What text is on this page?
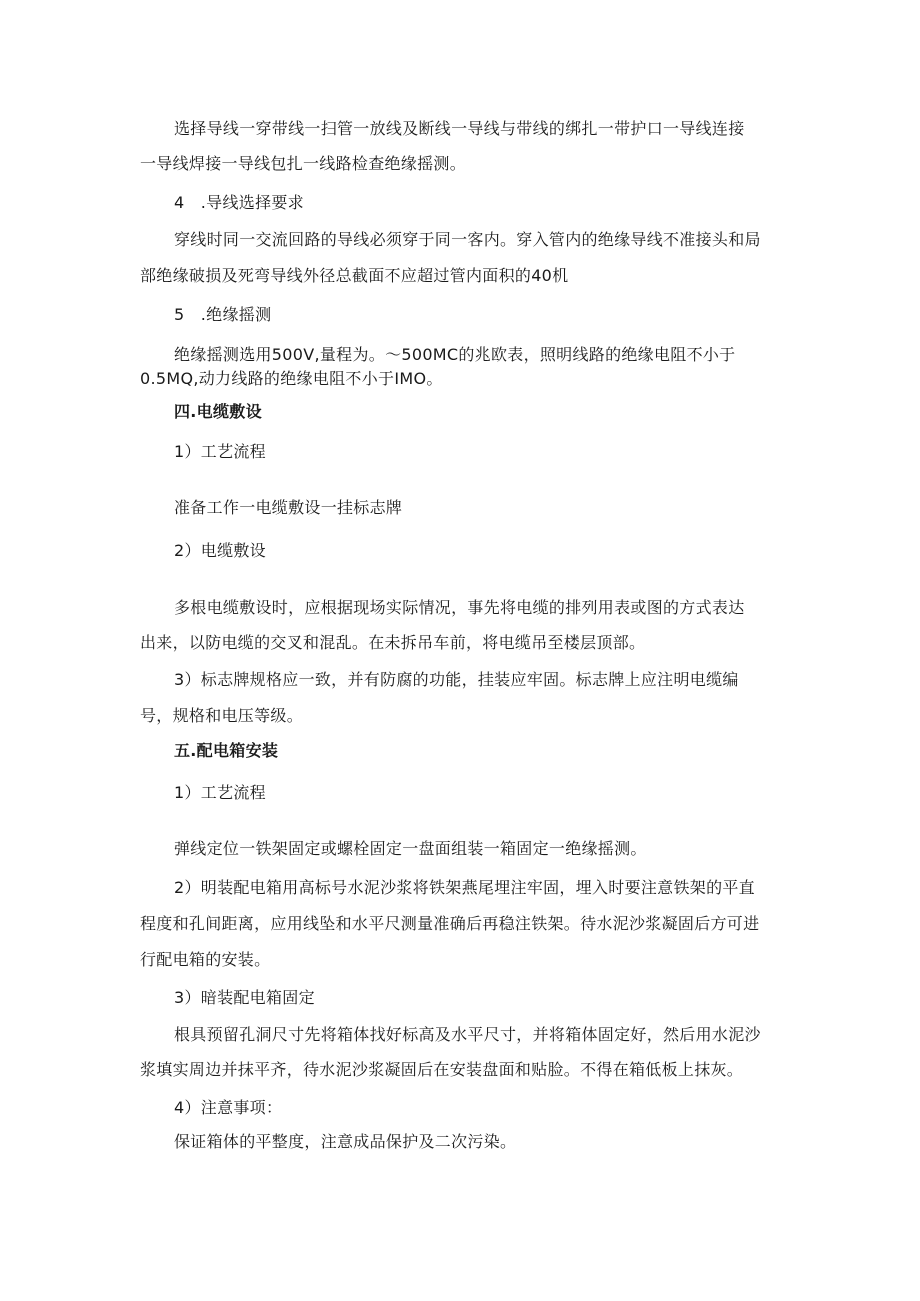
选择导线一穿带线一扫管一放线及断线一导线与带线的绑扎一带护口一导线连接

一导线焊接一导线包扎一线路检查绝缘摇测。

4　.导线选择要求

穿线时同一交流回路的导线必须穿于同一客内。穿入管内的绝缘导线不准接头和局

部绝缘破损及死弯导线外径总截面不应超过管内面积的40机

5　.绝缘摇测

绝缘摇测选用500V,量程为。～500MC的兆欧表，照明线路的绝缘电阻不小于

0.5MQ,动力线路的绝缘电阻不小于IMO。

四.电缆敷设

1）工艺流程

准备工作一电缆敷设一挂标志牌

2）电缆敷设

多根电缆敷设时，应根据现场实际情况，事先将电缆的排列用表或图的方式表达

出来，以防电缆的交叉和混乱。在未拆吊车前，将电缆吊至楼层顶部。

3）标志牌规格应一致，并有防腐的功能，挂装应牢固。标志牌上应注明电缆编

号，规格和电压等级。

五.配电箱安装

1）工艺流程

弹线定位一铁架固定或螺栓固定一盘面组装一箱固定一绝缘摇测。

2）明装配电箱用高标号水泥沙浆将铁架燕尾埋注牢固，埋入时要注意铁架的平直

程度和孔间距离，应用线坠和水平尺测量准确后再稳注铁架。待水泥沙浆凝固后方可进

行配电箱的安装。

3）暗装配电箱固定

根具预留孔洞尺寸先将箱体找好标高及水平尺寸，并将箱体固定好，然后用水泥沙

浆填实周边并抹平齐，待水泥沙浆凝固后在安装盘面和贴脸。不得在箱低板上抹灰。

4）注意事项：

保证箱体的平整度，注意成品保护及二次污染。
